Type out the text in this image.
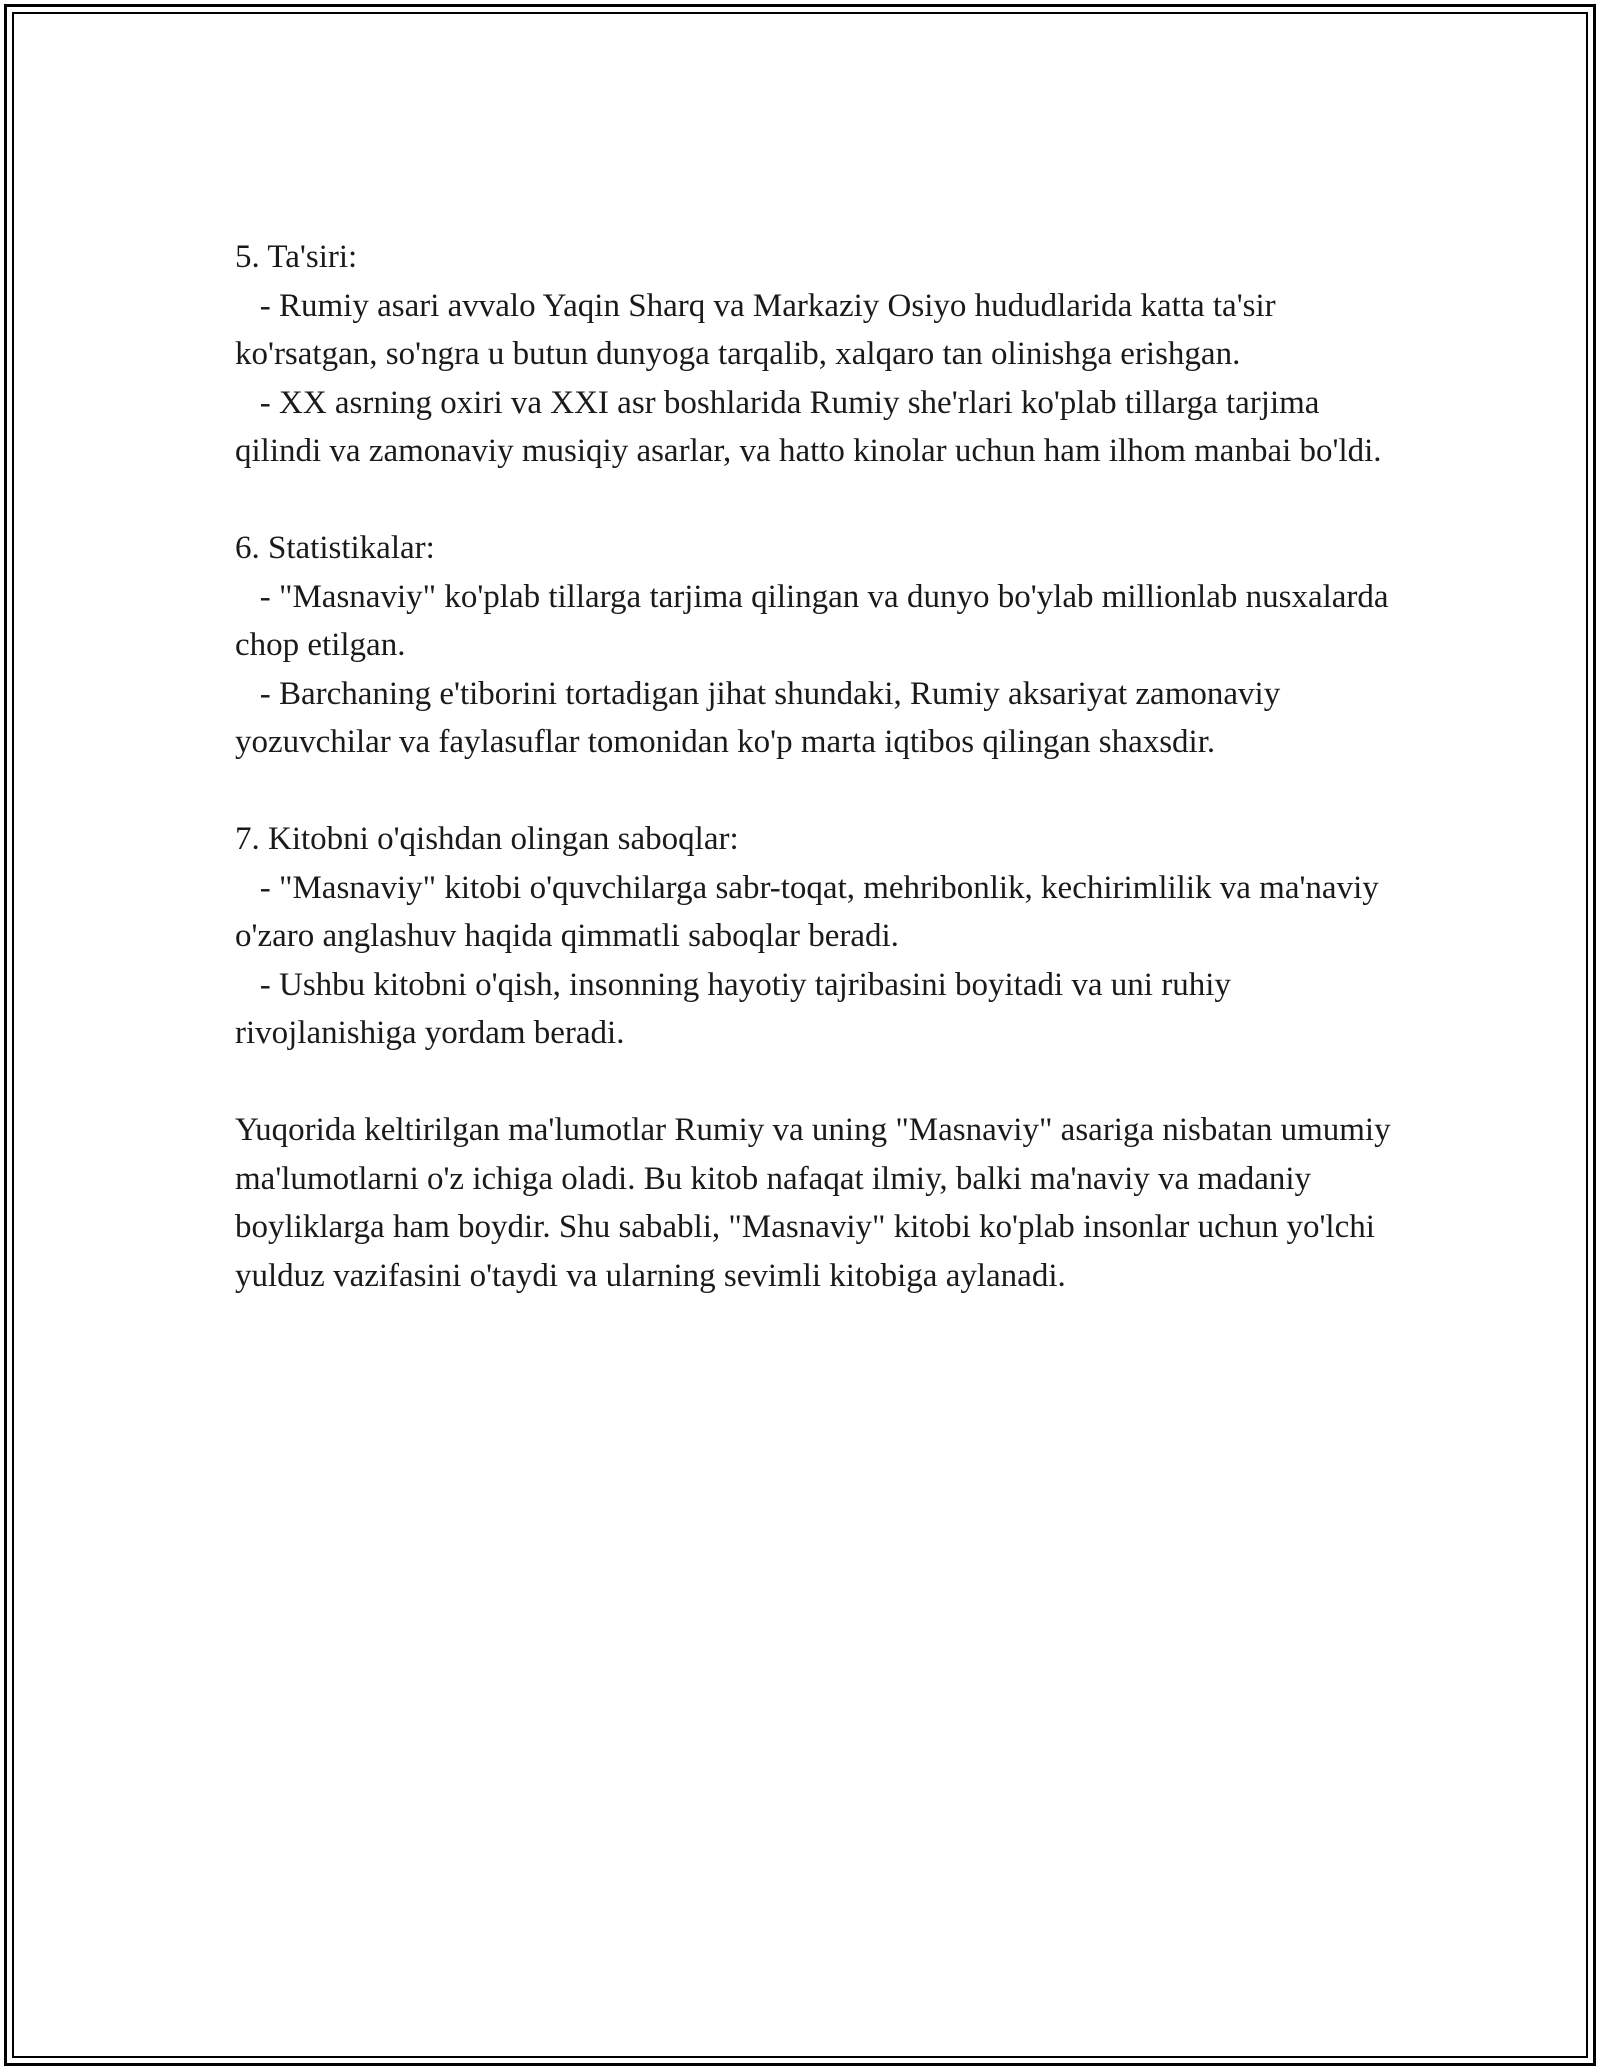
5. Ta'siri:

- Rumiy asari avvalo Yaqin Sharq va Markaziy Osiyo hududlarida katta ta'sir ko'rsatgan, so'ngra u butun dunyoga tarqalib, xalqaro tan olinishga erishgan.

- XX asrning oxiri va XXI asr boshlarida Rumiy she'rlari ko'plab tillarga tarjima qilindi va zamonaviy musiqiy asarlar, va hatto kinolar uchun ham ilhom manbai bo'ldi.

6. Statistikalar:

- "Masnaviy" ko'plab tillarga tarjima qilingan va dunyo bo'ylab millionlab nusxalarda chop etilgan.

- Barchaning e'tiborini tortadigan jihat shundaki, Rumiy aksariyat zamonaviy yozuvchilar va faylasuflar tomonidan ko'p marta iqtibos qilingan shaxsdir.

7. Kitobni o'qishdan olingan saboqlar:

- "Masnaviy" kitobi o'quvchilarga sabr-toqat, mehribonlik, kechirimlilik va ma'naviy o'zaro anglashuv haqida qimmatli saboqlar beradi.

- Ushbu kitobni o'qish, insonning hayotiy tajribasini boyitadi va uni ruhiy rivojlanishiga yordam beradi.

Yuqorida keltirilgan ma'lumotlar Rumiy va uning "Masnaviy" asariga nisbatan umumiy ma'lumotlarni o'z ichiga oladi. Bu kitob nafaqat ilmiy, balki ma'naviy va madaniy boyliklarga ham boydir. Shu sababli, "Masnaviy" kitobi ko'plab insonlar uchun yo'lchi yulduz vazifasini o'taydi va ularning sevimli kitobiga aylanadi.
